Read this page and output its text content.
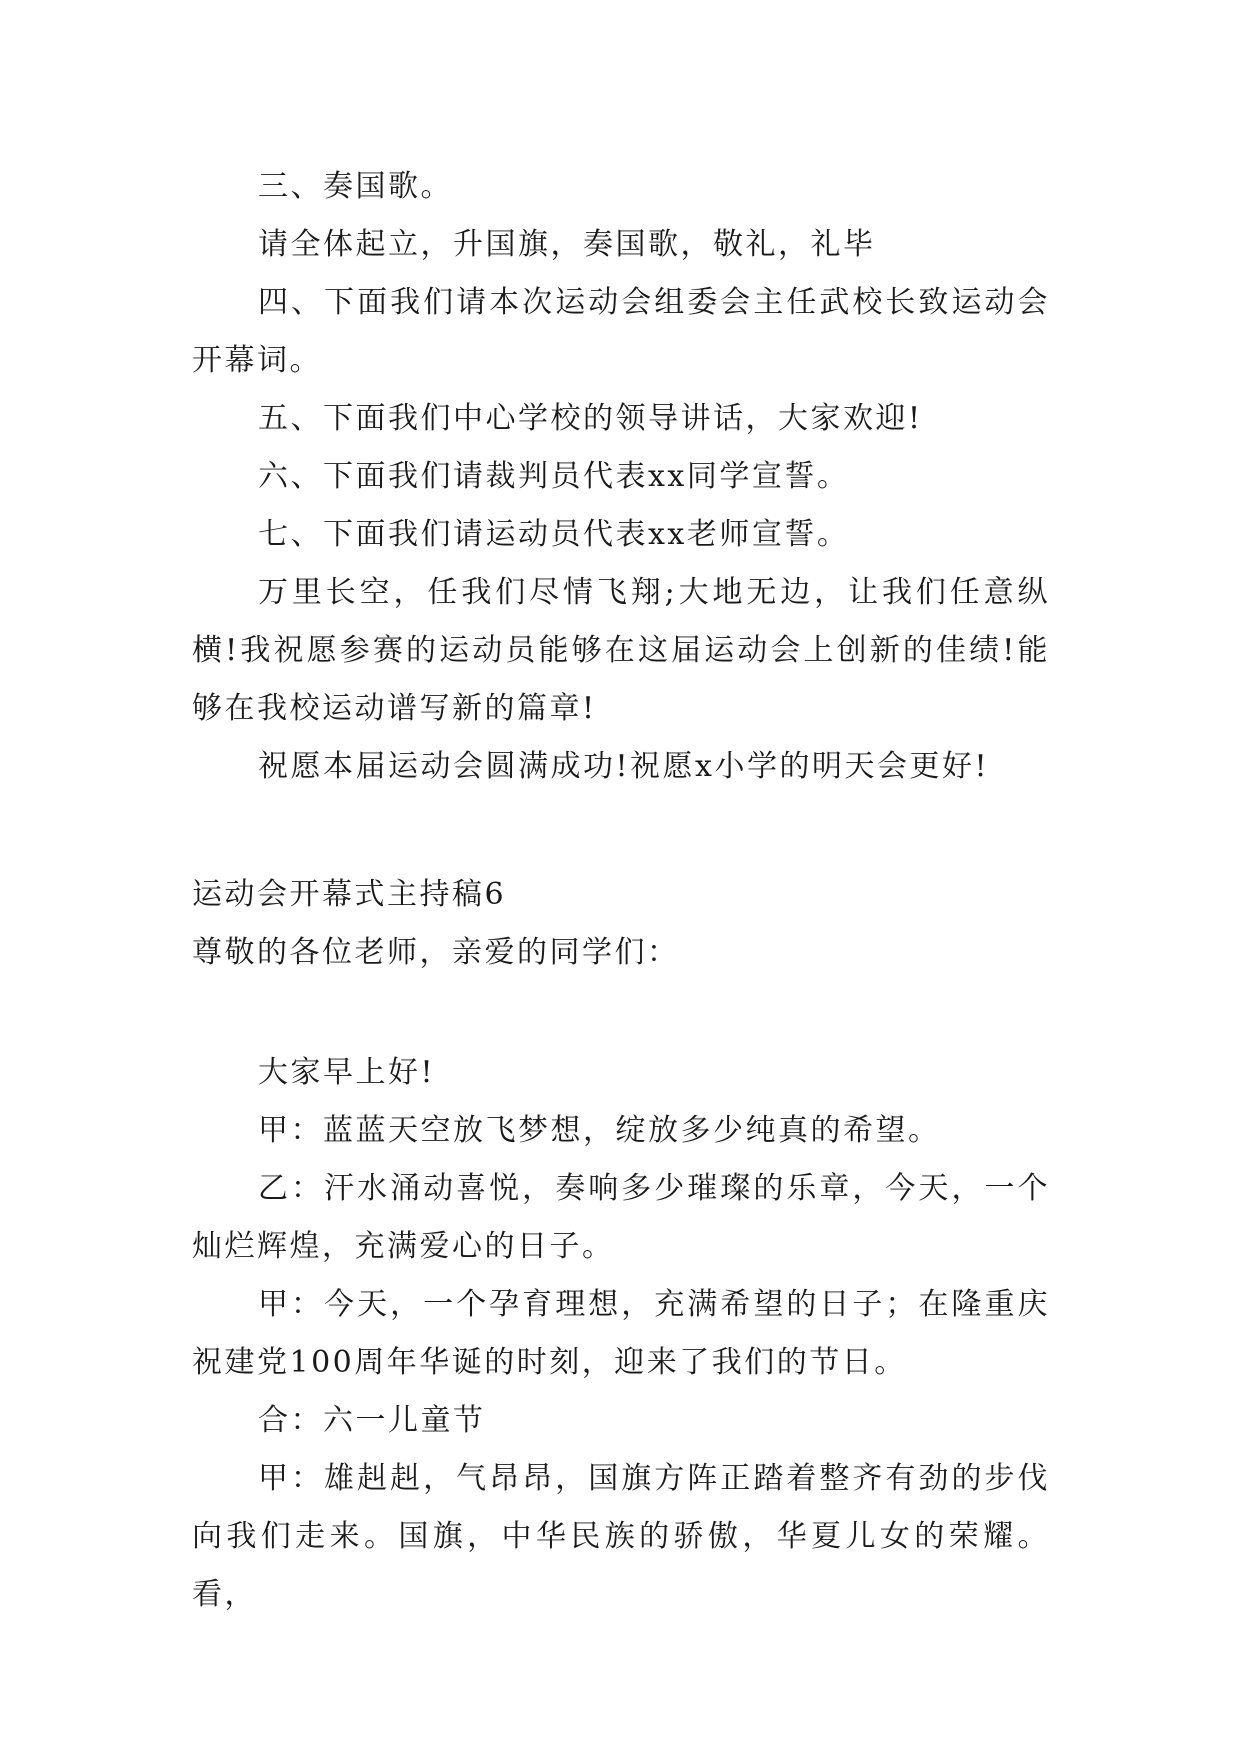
三、奏国歌。

请全体起立，升国旗，奏国歌，敬礼，礼毕

四、下面我们请本次运动会组委会主任武校长致运动会开幕词。

五、下面我们中心学校的领导讲话，大家欢迎!

六、下面我们请裁判员代表xx同学宣誓。

七、下面我们请运动员代表xx老师宣誓。

万里长空，任我们尽情飞翔;大地无边，让我们任意纵横!我祝愿参赛的运动员能够在这届运动会上创新的佳绩!能够在我校运动谱写新的篇章!

祝愿本届运动会圆满成功!祝愿x小学的明天会更好!

运动会开幕式主持稿6

尊敬的各位老师，亲爱的同学们：

大家早上好!

甲：蓝蓝天空放飞梦想，绽放多少纯真的希望。

乙：汗水涌动喜悦，奏响多少璀璨的乐章，今天，一个灿烂辉煌，充满爱心的日子。

甲：今天，一个孕育理想，充满希望的日子；在隆重庆祝建党100周年华诞的时刻，迎来了我们的节日。

合：六一儿童节

甲：雄赳赳，气昂昂，国旗方阵正踏着整齐有劲的步伐向我们走来。国旗，中华民族的骄傲，华夏儿女的荣耀。看，
